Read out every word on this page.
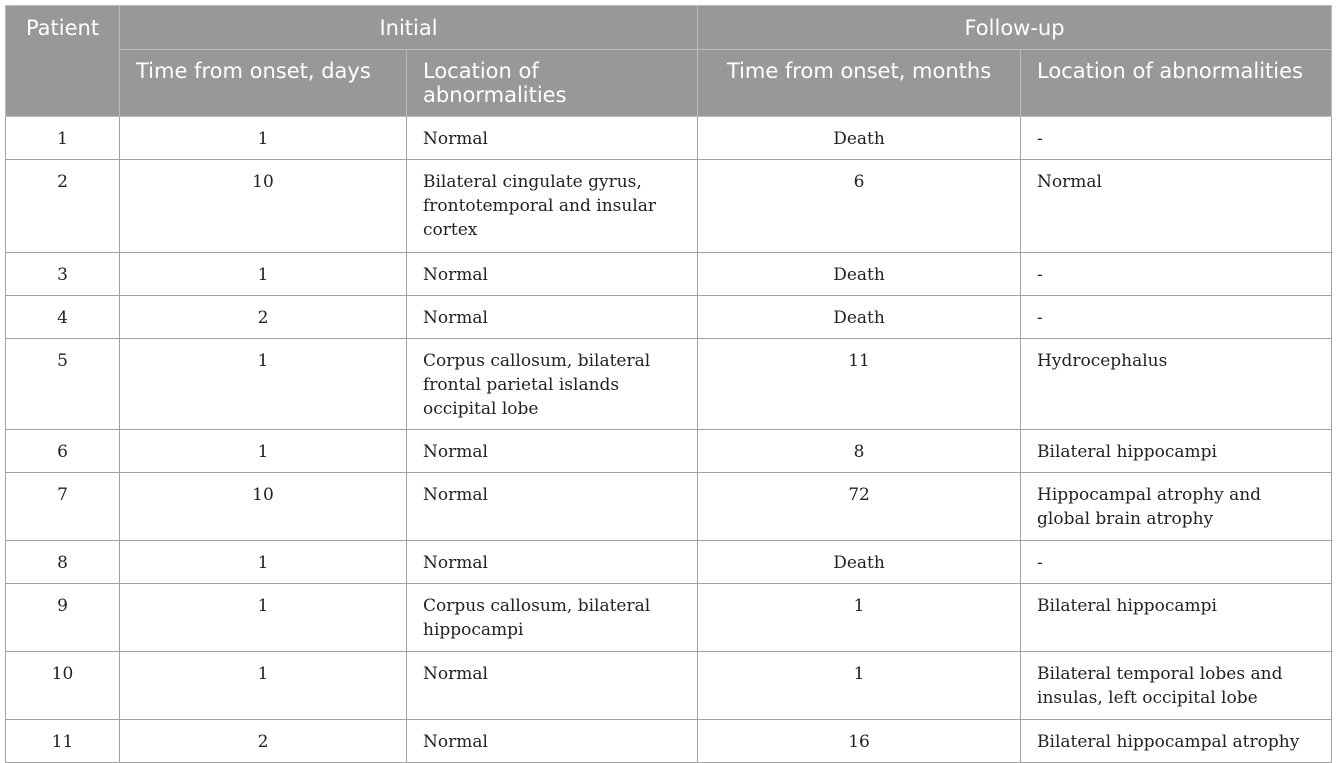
Patient	Initial		Follow-up	
	Time from onset, days	Location of abnormalities	Time from onset, months	Location of abnormalities
1	1	Normal	Death	-
2	10	Bilateral cingulate gyrus, frontotemporal and insular cortex	6	Normal
3	1	Normal	Death	-
4	2	Normal	Death	-
5	1	Corpus callosum, bilateral frontal parietal islands occipital lobe	11	Hydrocephalus
6	1	Normal	8	Bilateral hippocampi
7	10	Normal	72	Hippocampal atrophy and global brain atrophy
8	1	Normal	Death	-
9	1	Corpus callosum, bilateral hippocampi	1	Bilateral hippocampi
10	1	Normal	1	Bilateral temporal lobes and insulas, left occipital lobe
11	2	Normal	16	Bilateral hippocampal atrophy
